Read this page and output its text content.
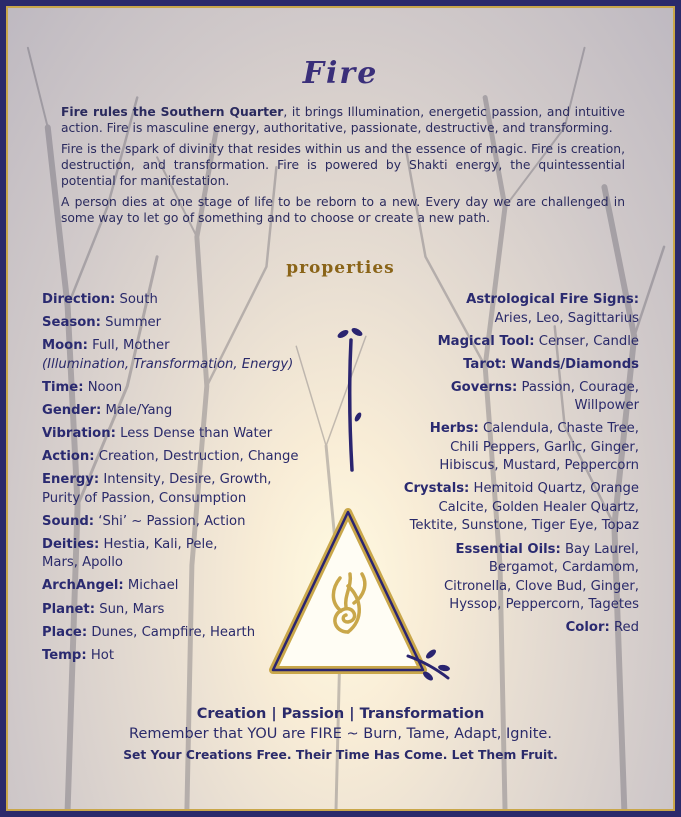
Fire

Fire rules the Southern Quarter, it brings Illumination, energetic passion, and intuitive action. Fire is masculine energy, authoritative, passionate, destructive, and transforming.

Fire is the spark of divinity that resides within us and the essence of magic. Fire is creation, destruction, and transformation. Fire is powered by Shakti energy, the quintessential potential for manifestation.

A person dies at one stage of life to be reborn to a new. Every day we are challenged in some way to let go of something and to choose or create a new path.

properties
Direction: South
Season: Summer
Moon: Full, Mother
(Illumination, Transformation, Energy)
Time: Noon
Gender: Male/Yang
Vibration: Less Dense than Water
Action: Creation, Destruction, Change
Energy: Intensity, Desire, Growth,
Purity of Passion, Consumption
Sound: ‘Shi’ ~ Passion, Action
Deities: Hestia, Kali, Pele,
Mars, Apollo
ArchAngel: Michael
Planet: Sun, Mars
Place: Dunes, Campfire, Hearth
Temp: Hot
Astrological Fire Signs:
Aries, Leo, Sagittarius
Magical Tool: Censer, Candle
Tarot: Wands/Diamonds
Governs: Passion, Courage,
Willpower
Herbs: Calendula, Chaste Tree,
Chili Peppers, Garlic, Ginger,
Hibiscus, Mustard, Peppercorn
Crystals: Hemitoid Quartz, Orange
Calcite, Golden Healer Quartz,
Tektite, Sunstone, Tiger Eye, Topaz
Essential Oils: Bay Laurel,
Bergamot, Cardamom,
Citronella, Clove Bud, Ginger,
Hyssop, Peppercorn, Tagetes
Color: Red
Creation | Passion | Transformation
Remember that YOU are FIRE ~ Burn, Tame, Adapt, Ignite.
Set Your Creations Free. Their Time Has Come. Let Them Fruit.
